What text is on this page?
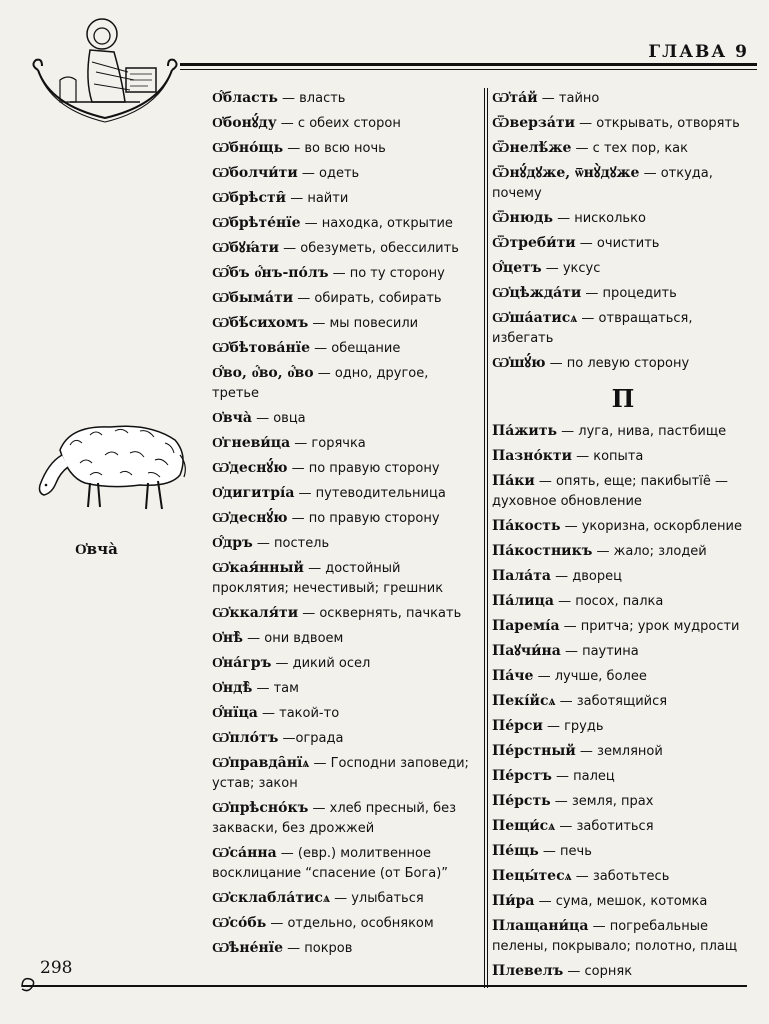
ГЛАВА 9
О҆́бласть — власть
О҆бонꙋ́ду — с обеих сторон
Ѡ҆бно́щь — во всю ночь
Ѡ҆болчи́ти — одеть
Ѡ҆брѣсти̑ — найти
Ѡ҆брѣте́нїе — находка, открытие
Ѡ҆бꙋꙗ́ти — обезуметь, обессилить
Ѡ҆́бъ о҆́нъ-по́лъ — по ту сторону
Ѡ҆бымáти — обирать, собирать
Ѡ҆бѣ́сихомъ — мы повесили
Ѡ҆бѣтова́нїе — обещание
О҆́во, о҆́во, о҆́во — одно, другое, третье
О҆вча̀ — овца
О҆гневи́ца — горячка
Ѡ҆деснꙋ́ю — по правую сторону
О҆дигитрі́а — путеводительница
Ѡ҆деснꙋ́ю — по правую сторону
О҆́дръ — постель
Ѡ҆кая́нный — достойный проклятия; нечестивый; грешник
Ѡ҆ккаля́ти — осквернять, пачкать
О҆нѣ̀ — они вдвоем
О҆на́гръ — дикий осел
О҆ндѣ̀ — там
О҆́нїца — такой-то
Ѡ҆пло́тъ —ограда
Ѡ҆правда̑нїѧ — Господни заповеди; устав; закон
Ѡ҆прѣсно́къ — хлеб пресный, без закваски, без дрожжей
Ѡ҆са́нна — (евр.) молитвенное восклицание “спасение (от Бога)”
Ѡ҆склабла́тисѧ — улыбаться
Ѡ҆со́бь — отдельно, особняком
Ѡ҆ѣне́нїе — покров
Ѡ҆та́й — тайно
Ѿверзáти — открывать, отворять
Ѿнелѣ́же — с тех пор, как
Ѿнꙋ́дꙋже, ѿнꙋ̀дꙋже — откуда, почему
Ѿнюдь — нисколько
Ѿтреби́ти — очистить
О҆́цетъ — уксус
Ѡ҆цѣжда́ти — процедить
Ѡ҆ша́атисѧ — отвращаться, избегать
Ѡ҆шꙋ́ю — по левую сторону
П
Па́жить — луга, нива, пастбище
Пазно́кти — копыта
Па́ки — опять, еще; пакибытїе̑ — духовное обновление
Па́кость — укоризна, оскорбление
Па́костникъ — жало; злодей
Пала́та — дворец
Па́лица — посох, палка
Паремі́а — притча; урок мудрости
Паꙋчи́на — паутина
Па́че — лучше, более
Пекі́йсѧ — заботящийся
Пе́рси — грудь
Пе́рстный — земляной
Пе́рстъ — палец
Пе́рсть — земля, прах
Пещи́сѧ — заботиться
Пе́щь — печь
Пецы́тесѧ — заботьтесь
Пи́ра — сума, мешок, котомка
Плащани́ца — погребальные пелены, покрывало; полотно, плащ
Плевелъ — сорняк
О҆вча̀
298
